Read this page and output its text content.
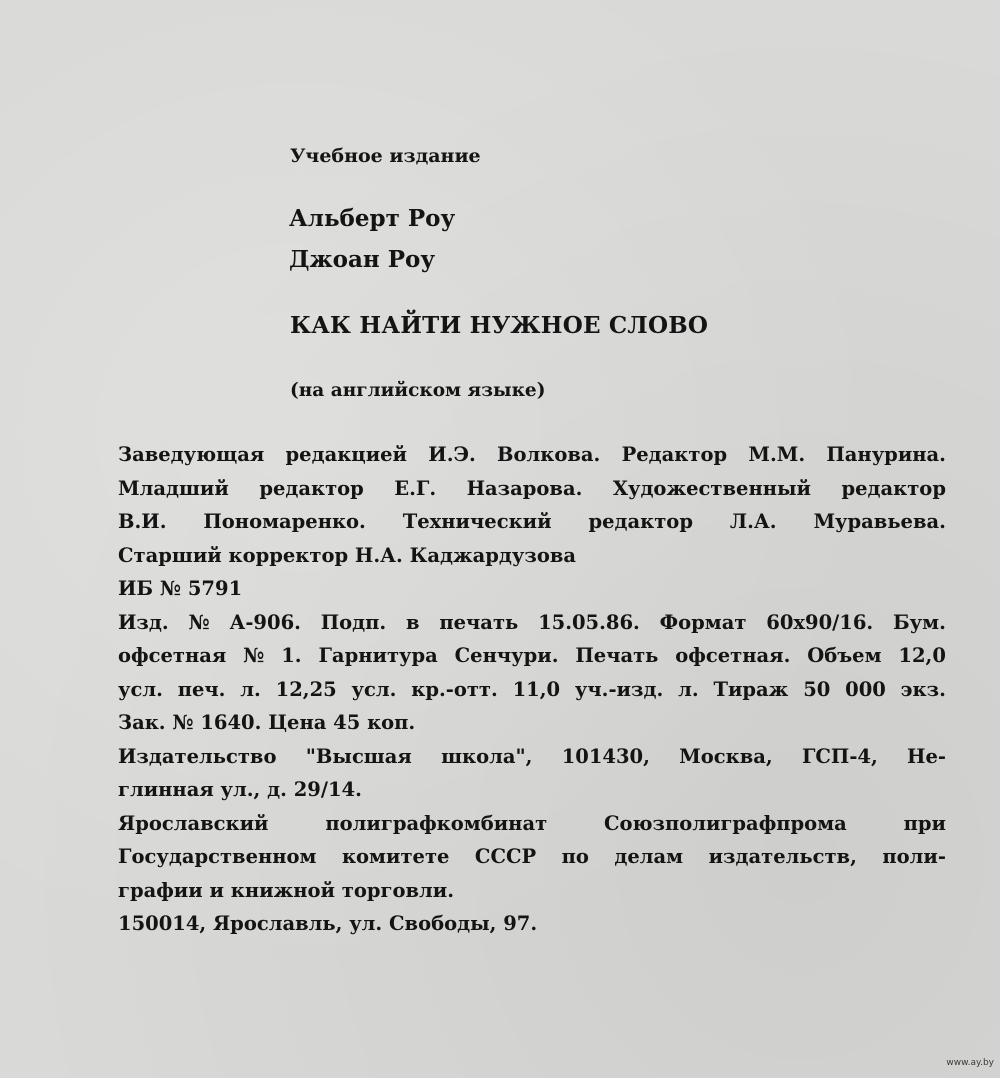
Учебное издание
Альберт Роу
Джоан Роу
КАК НАЙТИ НУЖНОЕ СЛОВО
(на английском языке)
Заведующая редакцией И.Э. Волкова. Редактор М.М. Панурина.
Младший редактор Е.Г. Назарова. Художественный редактор
В.И. Пономаренко. Технический редактор Л.А. Муравьева.
Старший корректор Н.А. Каджардузова
ИБ № 5791
Изд. № А-906. Подп. в печать 15.05.86. Формат 60x90/16. Бум.
офсетная № 1. Гарнитура Сенчури. Печать офсетная. Объем 12,0
усл. печ. л. 12,25 усл. кр.-отт. 11,0 уч.-изд. л. Тираж 50 000 экз.
Зак. № 1640. Цена 45 коп.
Издательство "Высшая школа", 101430, Москва, ГСП-4, Не-
глинная ул., д. 29/14.
Ярославский	полиграфкомбинат	Союзполиграфпрома	при
Государственном комитете СССР по делам издательств, поли-
графии и книжной торговли.
150014, Ярославль, ул. Свободы, 97.
www.ay.by
